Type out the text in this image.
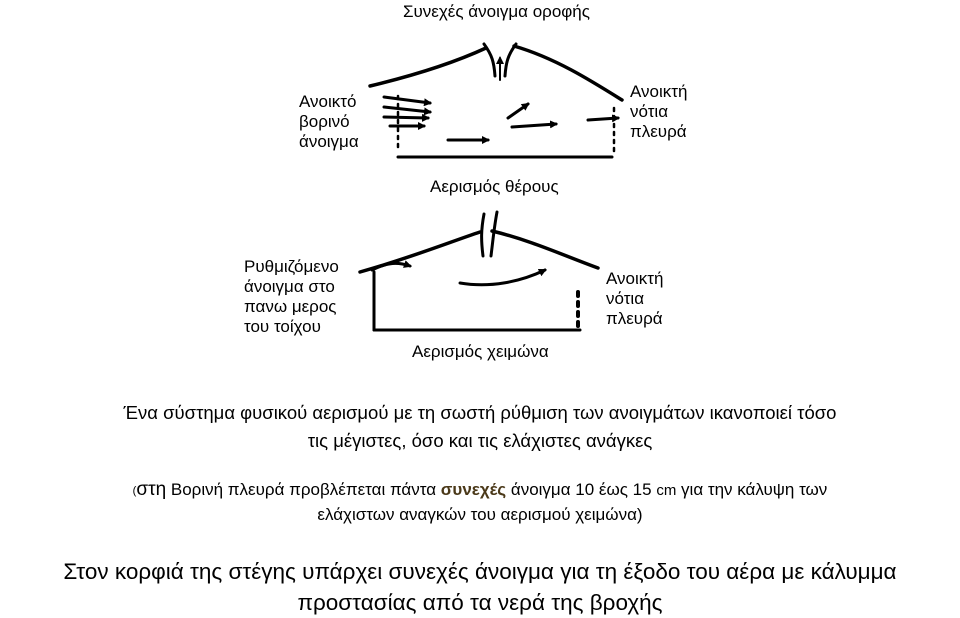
Συνεχές άνοιγμα οροφής
Ανοικτό
βορινό
άνοιγμα
Ανοικτή
νότια
πλευρά
Αερισμός θέρους
Ρυθμιζόμενο
άνοιγμα στο
πανω μερος
του τοίχου
Ανοικτή
νότια
πλευρά
Αερισμός χειμώνα
Ένα σύστημα φυσικού αερισμού με τη σωστή ρύθμιση των ανοιγμάτων ικανοποιεί τόσο
τις μέγιστες, όσο και τις ελάχιστες ανάγκες
(στη Βορινή πλευρά προβλέπεται πάντα συνεχές άνοιγμα 10 έως 15 cm για την κάλυψη των
ελάχιστων αναγκών του αερισμού χειμώνα)
Στον κορφιά της στέγης υπάρχει συνεχές άνοιγμα για τη έξοδο του αέρα με κάλυμμα
προστασίας από τα νερά της βροχής
